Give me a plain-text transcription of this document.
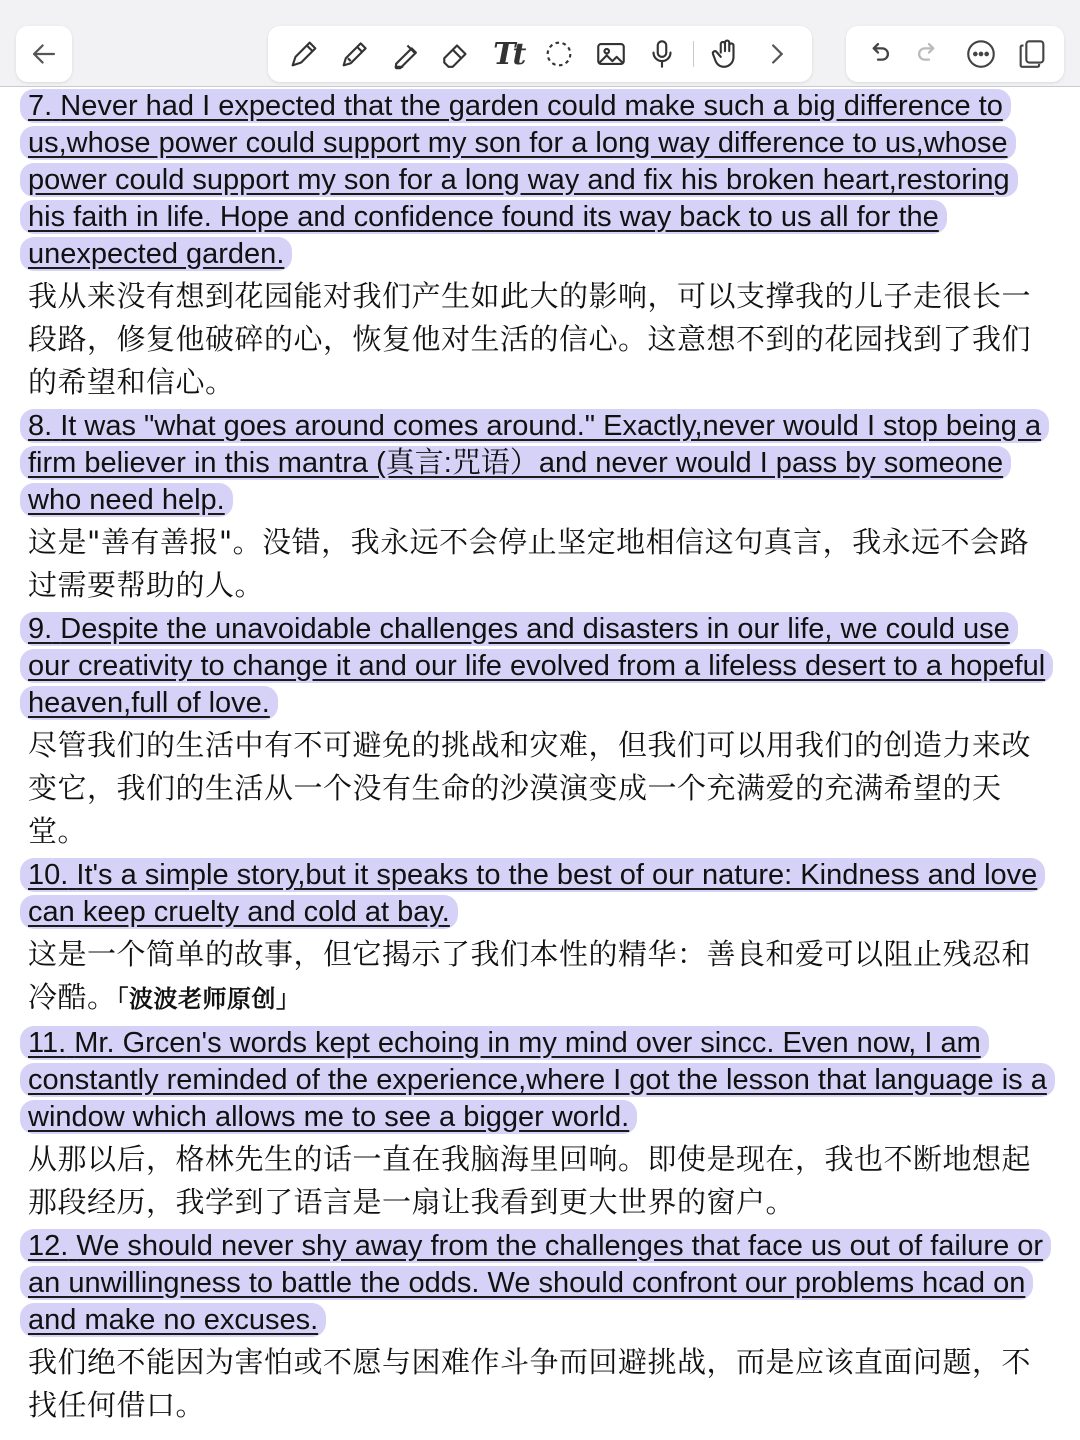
Tt

7. Never had I expected that the garden could make such a big difference to us,whose power could support my son for a long way difference to us,whose power could support my son for a long way and fix his broken heart,restoring his faith in life. Hope and confidence found its way back to us all for the unexpected garden.

我从来没有想到花园能对我们产生如此大的影响，可以支撑我的儿子走很长一段路，修复他破碎的心，恢复他对生活的信心。这意想不到的花园找到了我们的希望和信心。

8. It was "what goes around comes around." Exactly,never would I stop being a firm believer in this mantra (真言:咒语）and never would I pass by someone who need help.

这是"善有善报"。没错，我永远不会停止坚定地相信这句真言，我永远不会路过需要帮助的人。

9. Despite the unavoidable challenges and disasters in our life, we could use our creativity to change it and our life evolved from a lifeless desert to a hopeful heaven,full of love.

尽管我们的生活中有不可避免的挑战和灾难，但我们可以用我们的创造力来改变它，我们的生活从一个没有生命的沙漠演变成一个充满爱的充满希望的天堂。

10. It's a simple story,but it speaks to the best of our nature: Kindness and love can keep cruelty and cold at bay.

这是一个简单的故事，但它揭示了我们本性的精华：善良和爱可以阻止残忍和冷酷。「波波老师原创」

11. Mr. Grcen's words kept echoing in my mind over sincc. Even now, I am constantly reminded of the experience,where I got the lesson that language is a window which allows me to see a bigger world.

从那以后，格林先生的话一直在我脑海里回响。即使是现在，我也不断地想起那段经历，我学到了语言是一扇让我看到更大世界的窗户。

12. We should never shy away from the challenges that face us out of failure or an unwillingness to battle the odds. We should confront our problems hcad on and make no excuses.

我们绝不能因为害怕或不愿与困难作斗争而回避挑战，而是应该直面问题，不找任何借口。
